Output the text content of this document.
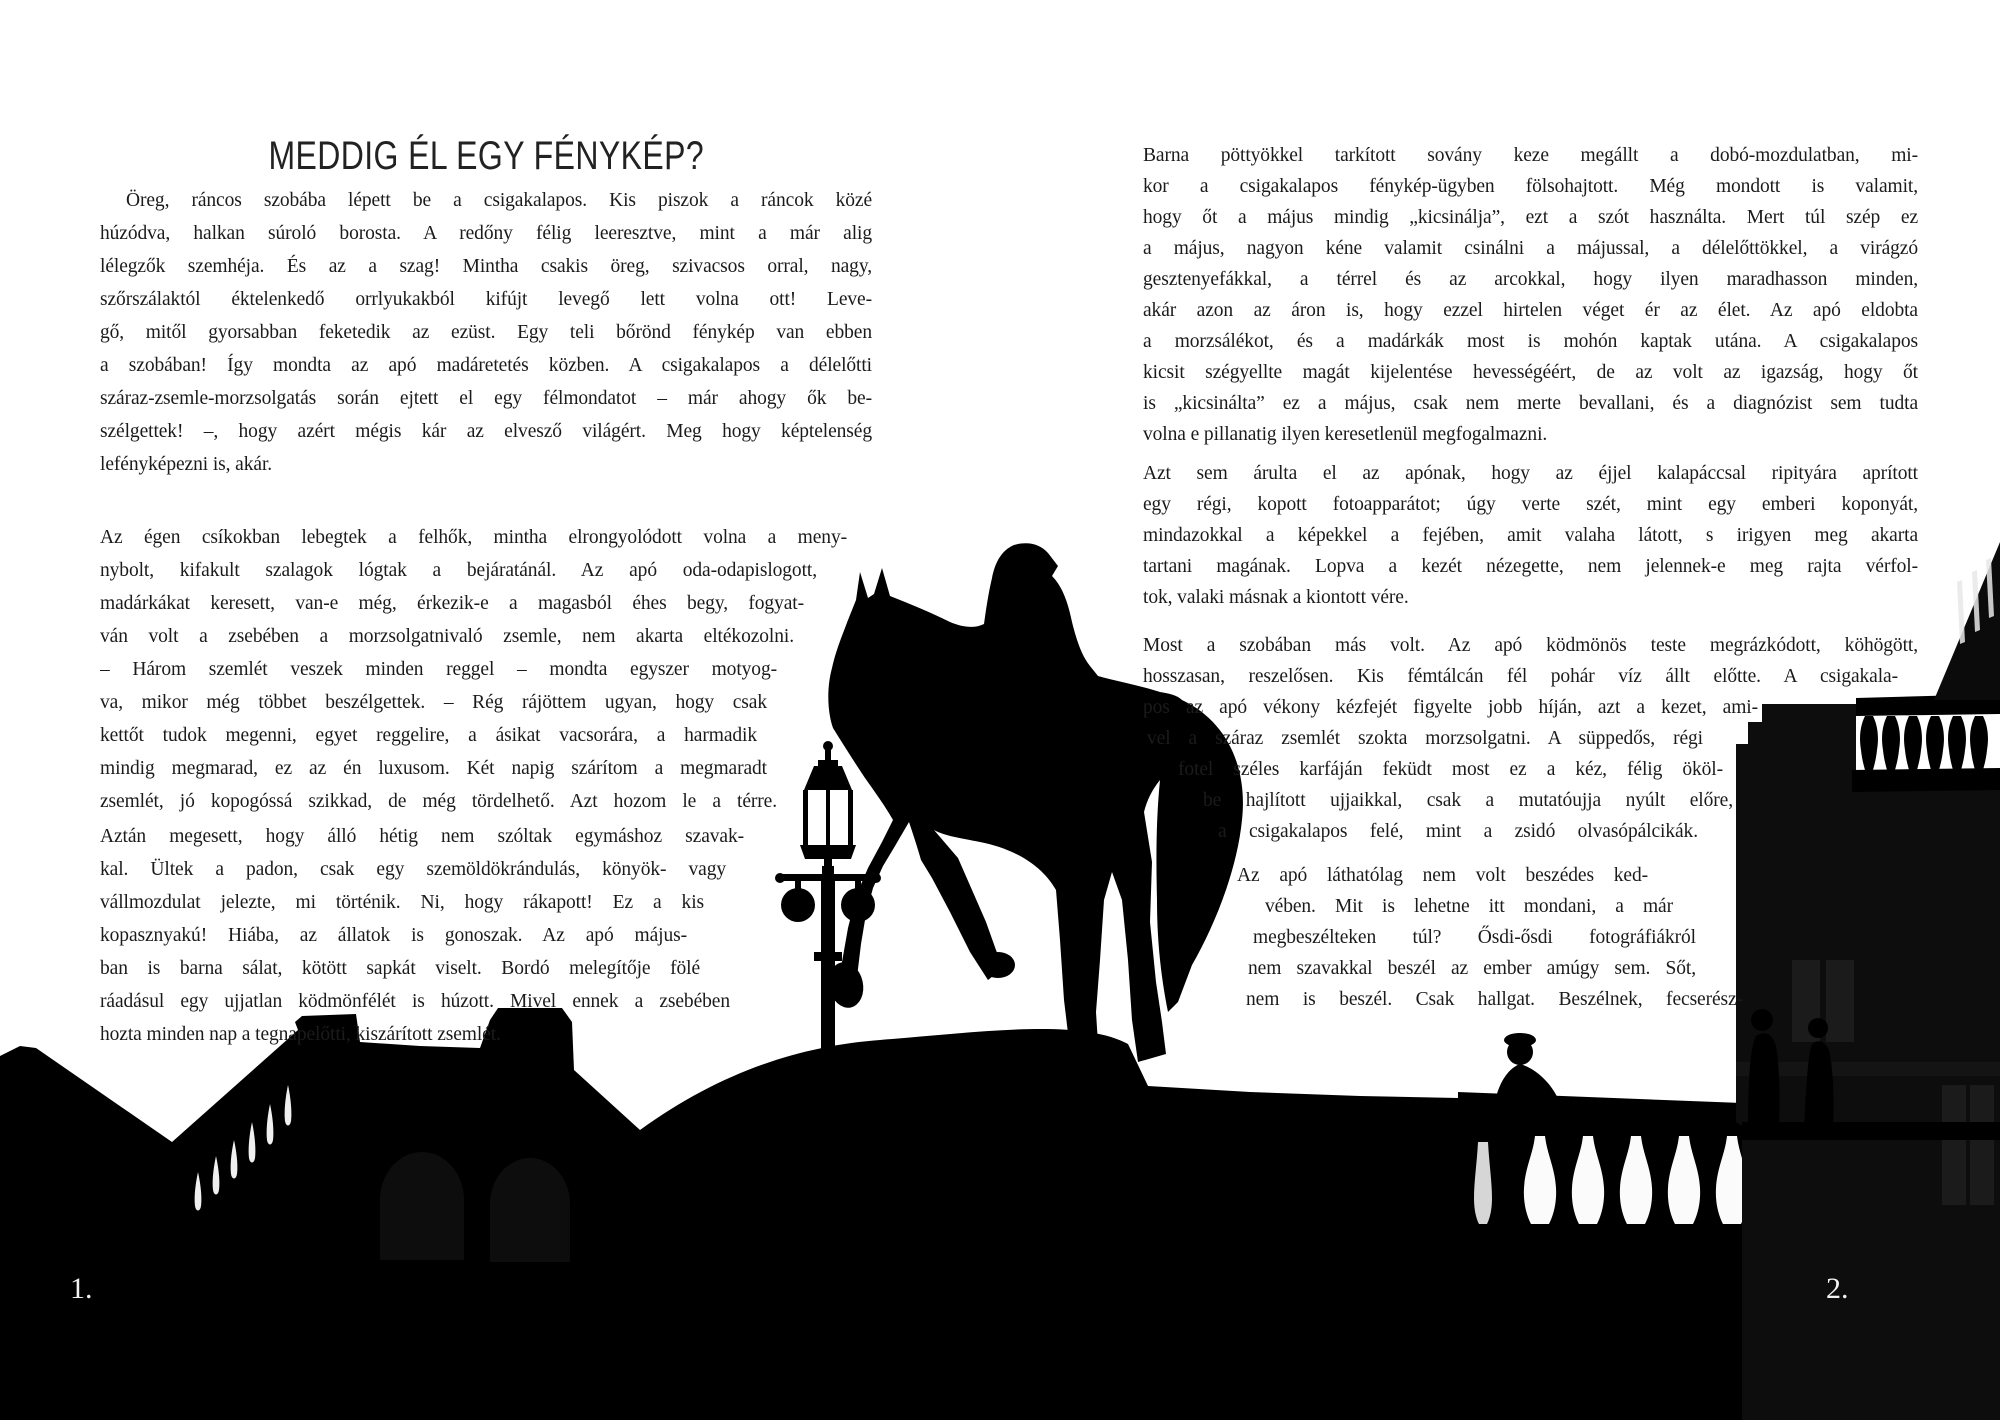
MEDDIG ÉL EGY FÉNYKÉP?
Öreg, ráncos szobába lépett be a csigakalapos. Kis piszok a ráncok közé
húzódva, halkan súroló borosta. A redőny félig leeresztve, mint a már alig
lélegzők szemhéja. És az a szag! Mintha csakis öreg, szivacsos orral, nagy,
szőrszálaktól éktelenkedő orrlyukakból kifújt levegő lett volna ott! Leve-
gő, mitől gyorsabban feketedik az ezüst. Egy teli bőrönd fénykép van ebben
a szobában! Így mondta az apó madáretetés közben. A csigakalapos a délelőtti
száraz-zsemle-morzsolgatás során ejtett el egy félmondatot – már ahogy ők be-
szélgettek! –, hogy azért mégis kár az elvesző világért. Meg hogy képtelenség
lefényképezni is, akár.
Az égen csíkokban lebegtek a felhők, mintha elrongyolódott volna a meny-
nybolt, kifakult szalagok lógtak a bejáratánál. Az apó oda-odapislogott,
madárkákat keresett, van-e még, érkezik-e a magasból éhes begy, fogyat-
ván volt a zsebében a morzsolgatnivaló zsemle, nem akarta eltékozolni.
– Három szemlét veszek minden reggel – mondta egyszer motyog-
va, mikor még többet beszélgettek. – Rég rájöttem ugyan, hogy csak
kettőt tudok megenni, egyet reggelire, a ásikat vacsorára, a harmadik
mindig megmarad, ez az én luxusom. Két napig szárítom a megmaradt
zsemlét, jó kopogóssá szikkad, de még tördelhető. Azt hozom le a térre.
Aztán megesett, hogy álló hétig nem szóltak egymáshoz szavak-
kal. Ültek a padon, csak egy szemöldökrándulás, könyök- vagy
vállmozdulat jelezte, mi történik. Ni, hogy rákapott! Ez a kis
kopasznyakú! Hiába, az állatok is gonoszak. Az apó május-
ban is barna sálat, kötött sapkát viselt. Bordó melegítője fölé
ráadásul egy ujjatlan ködmönfélét is húzott. Mivel ennek a zsebében
hozta minden nap a tegnapelőtti, kiszárított zsemlét.
Barna pöttyökkel tarkított sovány keze megállt a dobó-mozdulatban, mi-
kor a csigakalapos fénykép-ügyben fölsohajtott. Még mondott is valamit,
hogy őt a május mindig „kicsinálja”, ezt a szót használta. Mert túl szép ez
a május, nagyon kéne valamit csinálni a májussal, a délelőttökkel, a virágzó
gesztenyefákkal, a térrel és az arcokkal, hogy ilyen maradhasson minden,
akár azon az áron is, hogy ezzel hirtelen véget ér az élet. Az apó eldobta
a morzsálékot, és a madárkák most is mohón kaptak utána. A csigakalapos
kicsit szégyellte magát kijelentése hevességéért, de az volt az igazság, hogy őt
is „kicsinálta” ez a május, csak nem merte bevallani, és a diagnózist sem tudta
volna e pillanatig ilyen keresetlenül megfogalmazni.
Azt sem árulta el az apónak, hogy az éjjel kalapáccsal ripityára aprított
egy régi, kopott fotoapparátot; úgy verte szét, mint egy emberi koponyát,
mindazokkal a képekkel a fejében, amit valaha látott, s irigyen meg akarta
tartani magának. Lopva a kezét nézegette, nem jelennek-e meg rajta vérfol-
tok, valaki másnak a kiontott vére.
Most a szobában más volt. Az apó ködmönös teste megrázkódott, köhögött,
hosszasan, reszelősen. Kis fémtálcán fél pohár víz állt előtte. A csigakala-
pos az apó vékony kézfejét figyelte jobb híján, azt a kezet, ami-
vel a száraz zsemlét szokta morzsolgatni. A süppedős, régi
fotel széles karfáján feküdt most ez a kéz, félig ököl-
be hajlított ujjaikkal, csak a mutatóujja nyúlt előre,
a csigakalapos felé, mint a zsidó olvasópálcikák.
Az apó láthatólag nem volt beszédes ked-
vében. Mit is lehetne itt mondani, a már
megbeszélteken túl? Ősdi-ősdi fotográfiákról
nem szavakkal beszél az ember amúgy sem. Sőt,
nem is beszél. Csak hallgat. Beszélnek, fecserész-
1.	2.
